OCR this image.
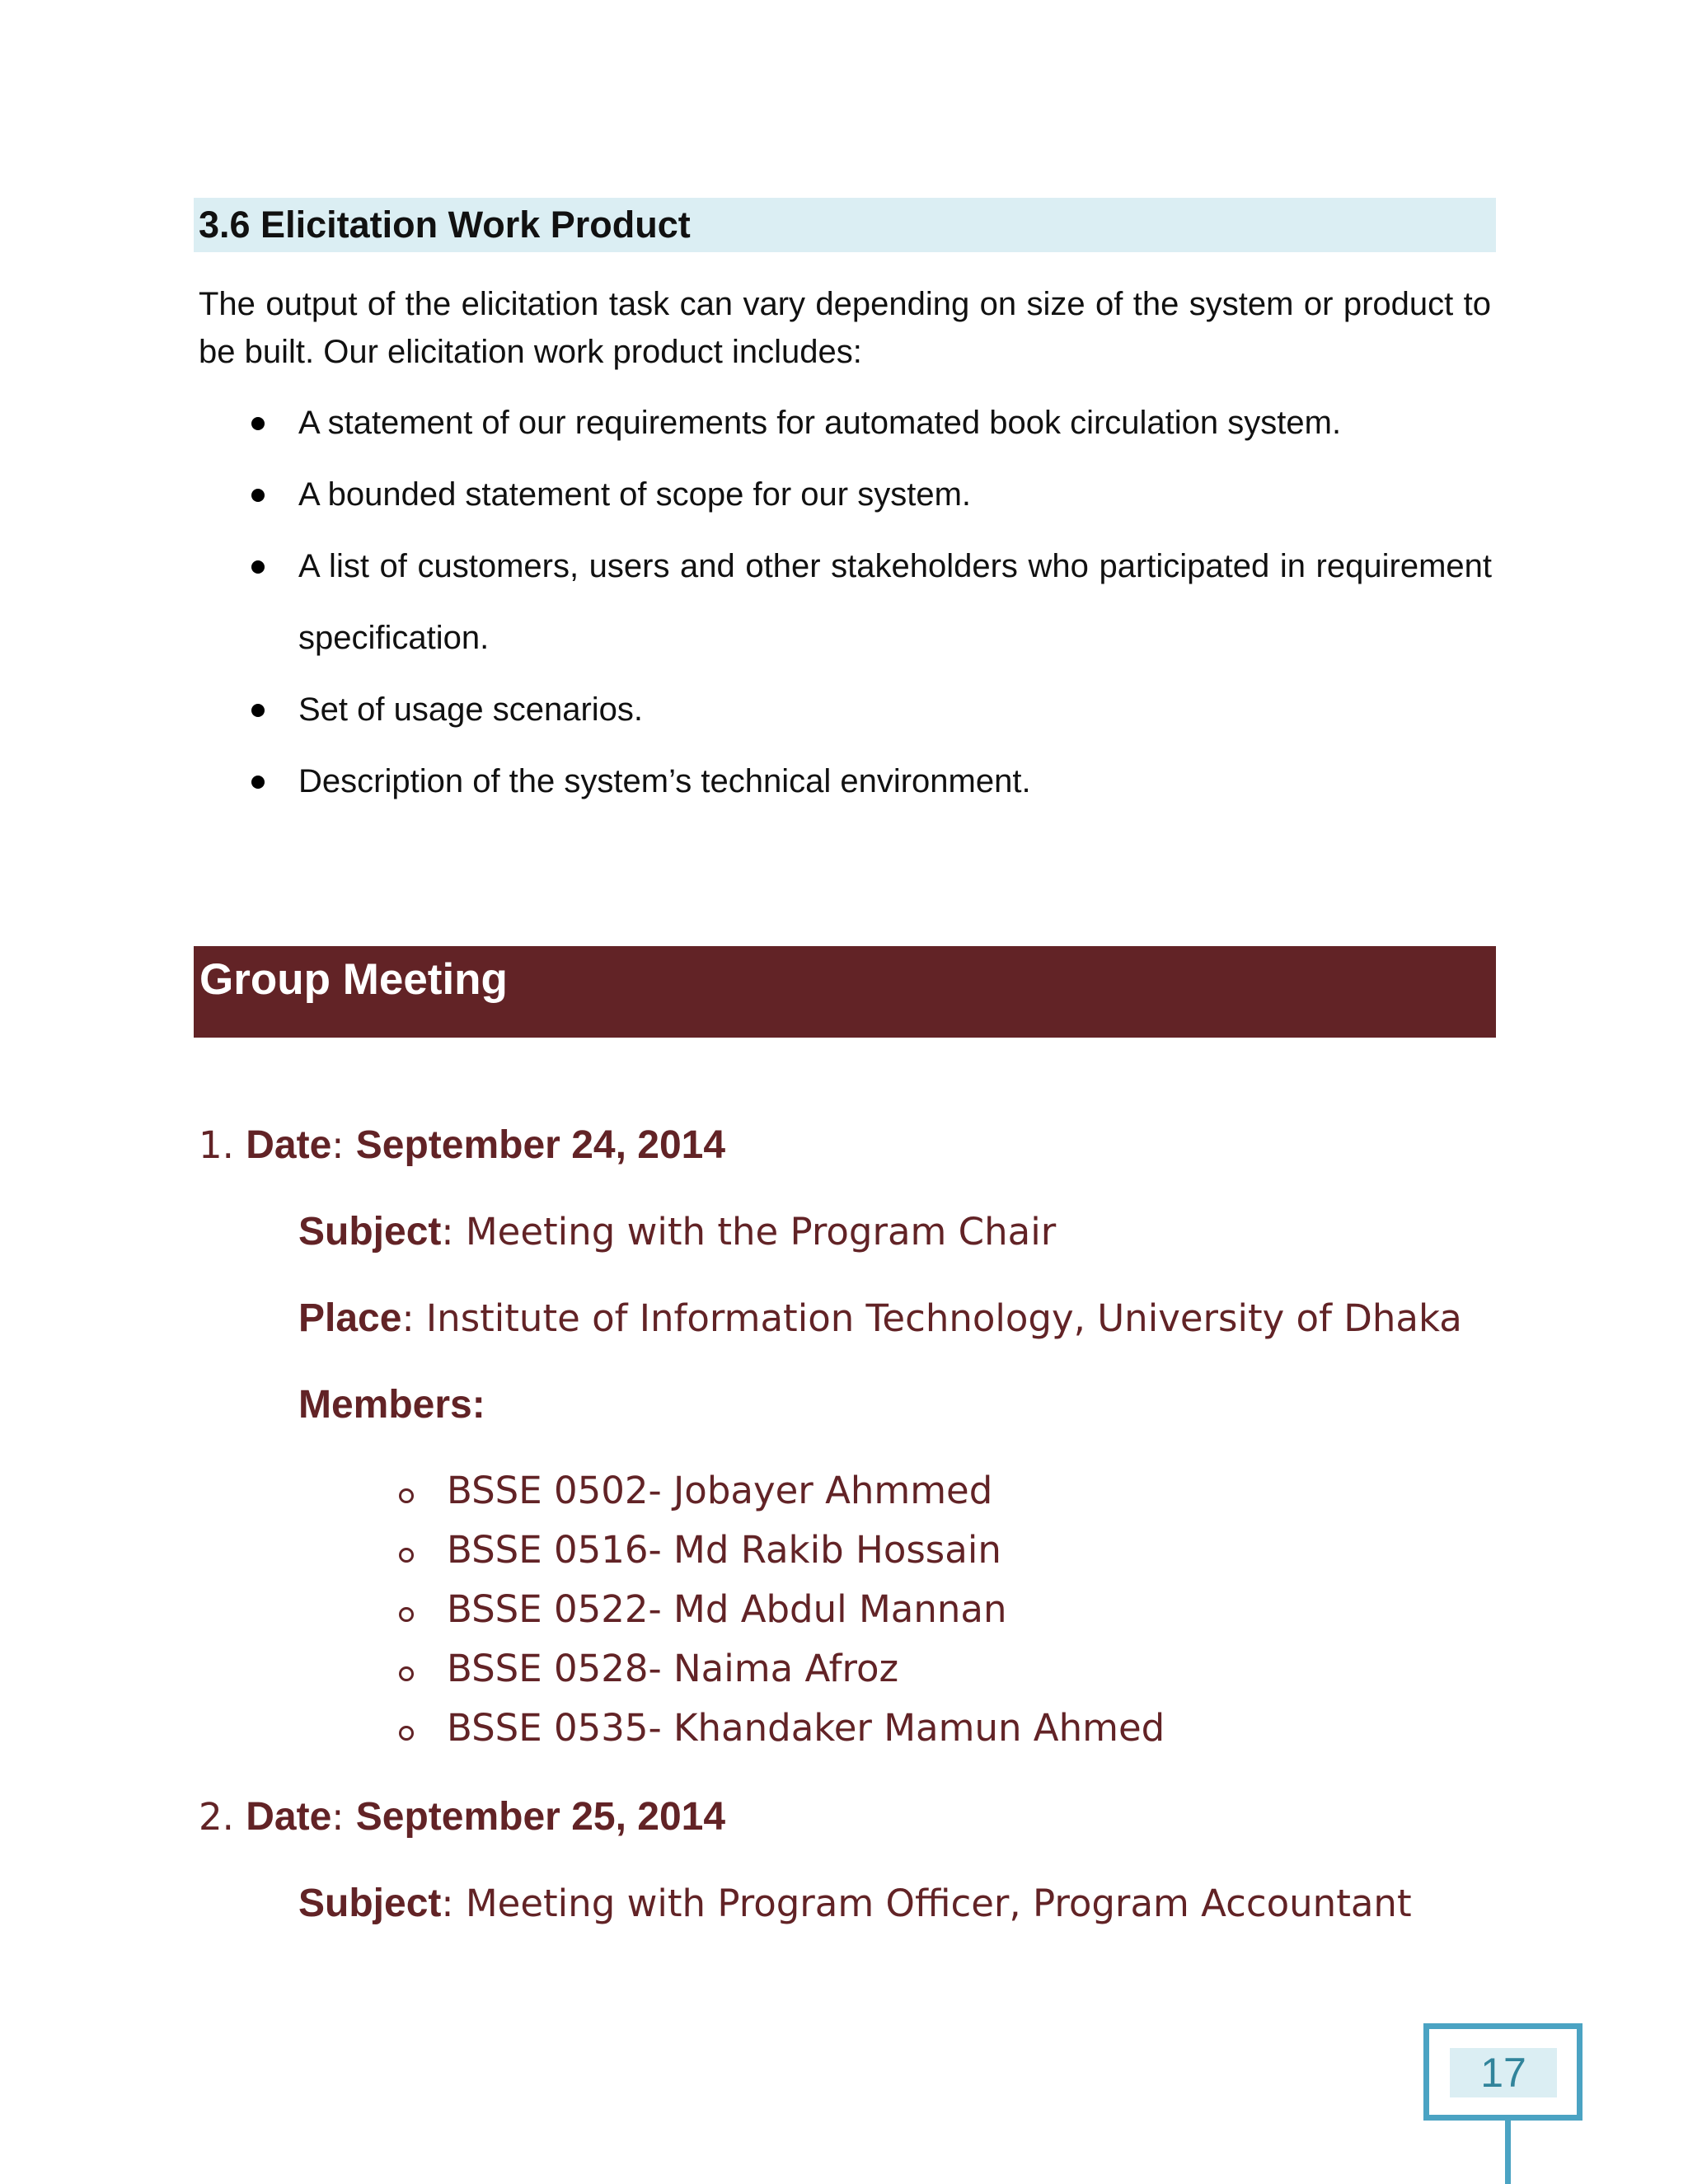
3.6 Elicitation Work Product

The output of the elicitation task can vary depending on size of the system or product to be built. Our elicitation work product includes:

A statement of our requirements for automated book circulation system.
A bounded statement of scope for our system.
A list of customers, users and other stakeholders who participated in requirement specification.
Set of usage scenarios.
Description of the system’s technical environment.
Group Meeting
1. Date: September 24, 2014
Subject: Meeting with the Program Chair
Place: Institute of Information Technology, University of Dhaka
Members:
BSSE 0502- Jobayer Ahmmed
BSSE 0516- Md Rakib Hossain
BSSE 0522- Md Abdul Mannan
BSSE 0528- Naima Afroz
BSSE 0535- Khandaker Mamun Ahmed
2. Date: September 25, 2014
Subject: Meeting with Program Officer, Program Accountant
17
